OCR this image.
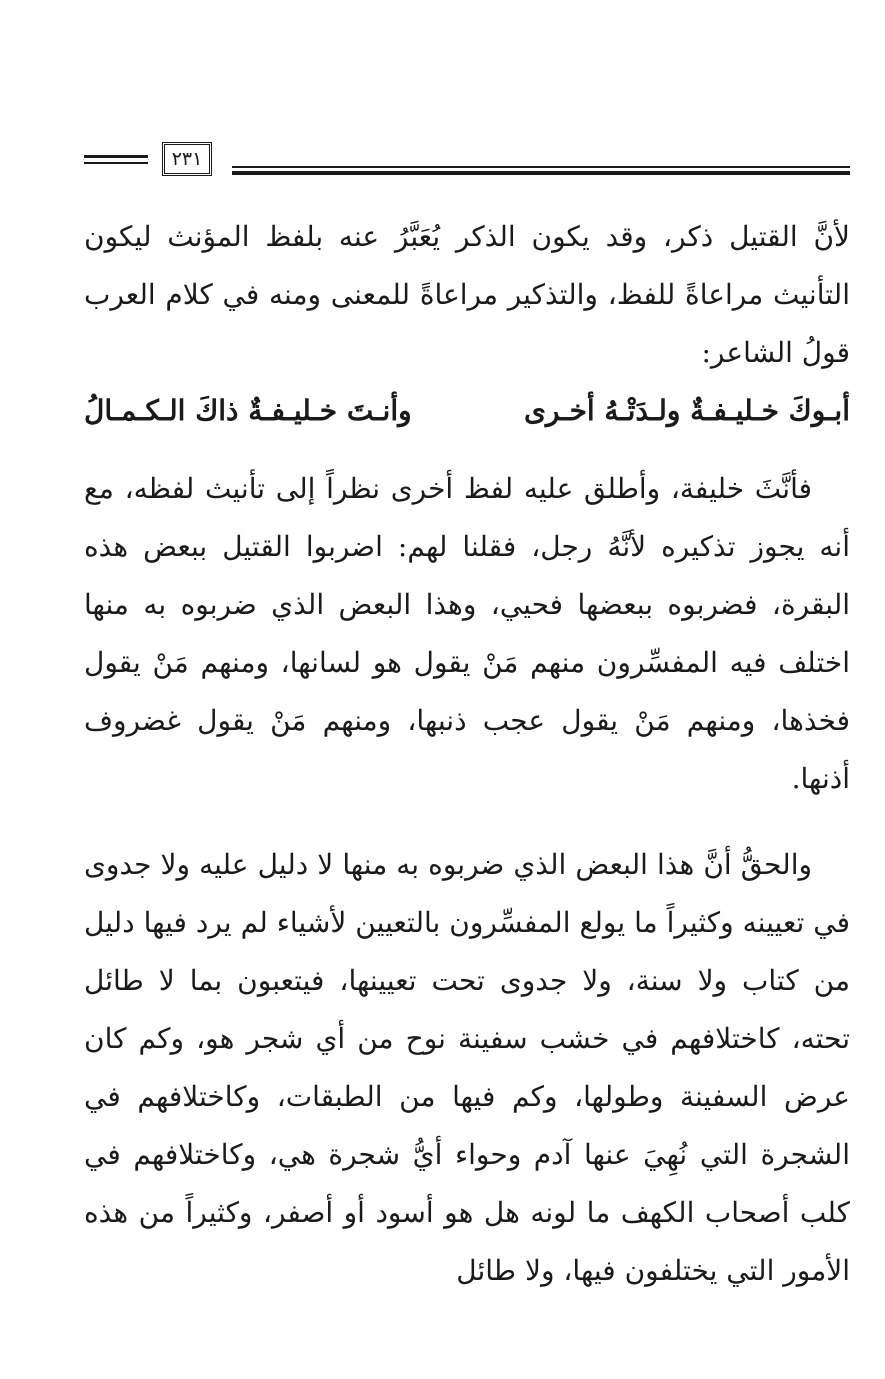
٢٣١

لأنَّ القتيل ذكر، وقد يكون الذكر يُعَبَّرُ عنه بلفظ المؤنث ليكون التأنيث مراعاةً للفظ، والتذكير مراعاةً للمعنى ومنه في كلام العرب قولُ الشاعر:

أبـوكَ خـليـفـةٌ ولـدَتْـهُ أخـرى
وأنـتَ خـليـفـةٌ ذاكَ الـكـمـالُ

فأنَّثَ خليفة، وأطلق عليه لفظ أخرى نظراً إلى تأنيث لفظه، مع أنه يجوز تذكيره لأنَّهُ رجل، فقلنا لهم: اضربوا القتيل ببعض هذه البقرة، فضربوه ببعضها فحيي، وهذا البعض الذي ضربوه به منها اختلف فيه المفسِّرون منهم مَنْ يقول هو لسانها، ومنهم مَنْ يقول فخذها، ومنهم مَنْ يقول عجب ذنبها، ومنهم مَنْ يقول غضروف أذنها.

والحقُّ أنَّ هذا البعض الذي ضربوه به منها لا دليل عليه ولا جدوى في تعيينه وكثيراً ما يولع المفسِّرون بالتعيين لأشياء لم يرد فيها دليل من كتاب ولا سنة، ولا جدوى تحت تعيينها، فيتعبون بما لا طائل تحته، كاختلافهم في خشب سفينة نوح من أي شجر هو، وكم كان عرض السفينة وطولها، وكم فيها من الطبقات، وكاختلافهم في الشجرة التي نُهِيَ عنها آدم وحواء أيُّ شجرة هي، وكاختلافهم في كلب أصحاب الكهف ما لونه هل هو أسود أو أصفر، وكثيراً من هذه الأمور التي يختلفون فيها، ولا طائل
